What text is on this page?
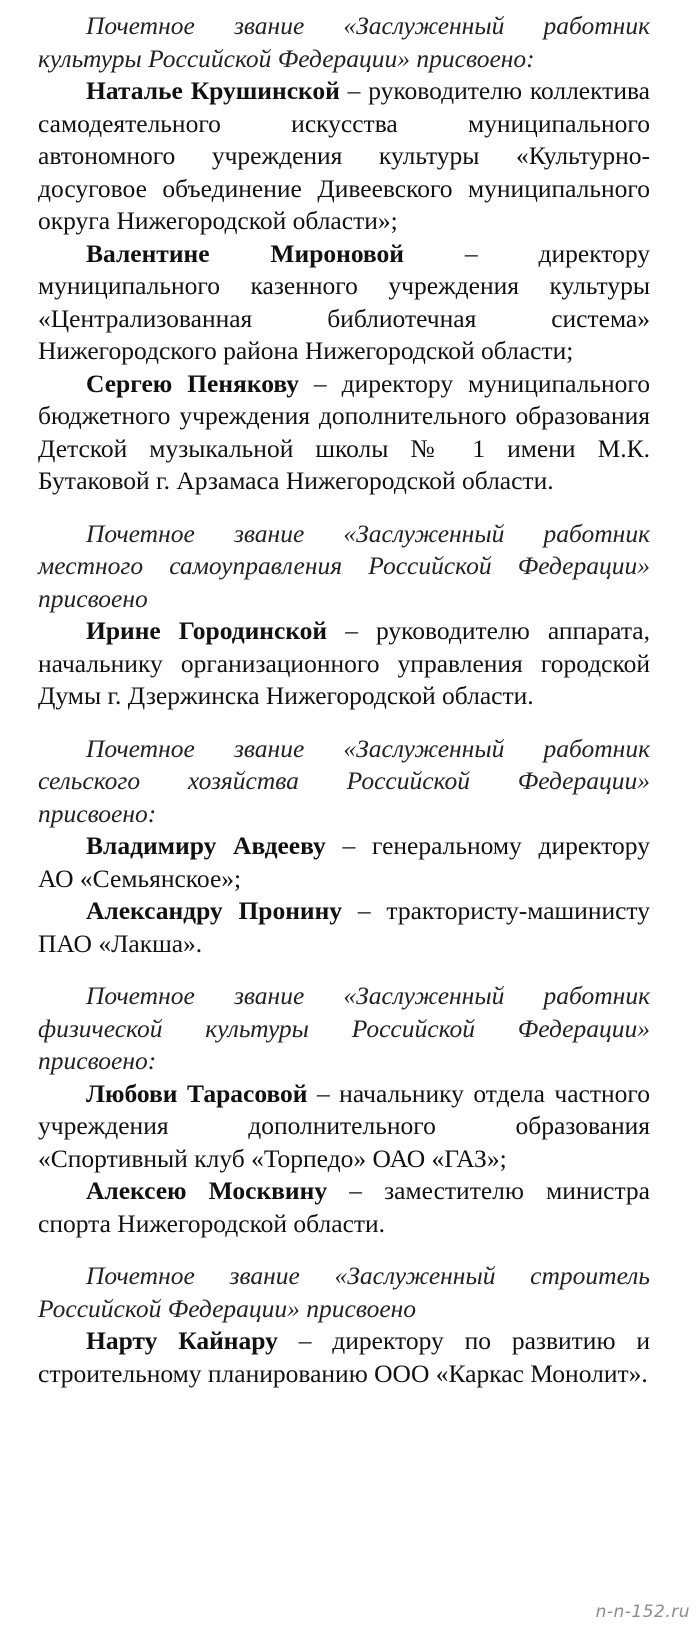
Почетное звание «Заслуженный работник культуры Российской Федерации» присвоено:

Наталье Крушинской – руководителю коллектива самодеятельного искусства муниципального автономного учреждения культуры «Культурно-досуговое объединение Дивеевского муниципального округа Нижегородской области»;

Валентине Мироновой – директору муниципального казенного учреждения культуры «Централизованная библиотечная система» Нижегородского района Нижегородской области;

Сергею Пенякову – директору муниципального бюджетного учреждения дополнительного образования Детской музыкальной школы № 1 имени М.К. Бутаковой г. Арзамаса Нижегородской области.

Почетное звание «Заслуженный работник местного самоуправления Российской Федерации» присвоено

Ирине Городинской – руководителю аппарата, начальнику организационного управления городской Думы г. Дзержинска Нижегородской области.

Почетное звание «Заслуженный работник сельского хозяйства Российской Федерации» присвоено:

Владимиру Авдееву – генеральному директору АО «Семьянское»;

Александру Пронину – трактористу-машинисту ПАО «Лакша».

Почетное звание «Заслуженный работник физической культуры Российской Федерации» присвоено:

Любови Тарасовой – начальнику отдела частного учреждения дополнительного образования «Спортивный клуб «Торпедо» ОАО «ГАЗ»;

Алексею Москвину – заместителю министра спорта Нижегородской области.

Почетное звание «Заслуженный строитель Российской Федерации» присвоено

Нарту Кайнару – директору по развитию и строительному планированию ООО «Каркас Монолит».

n-n-152.ru
